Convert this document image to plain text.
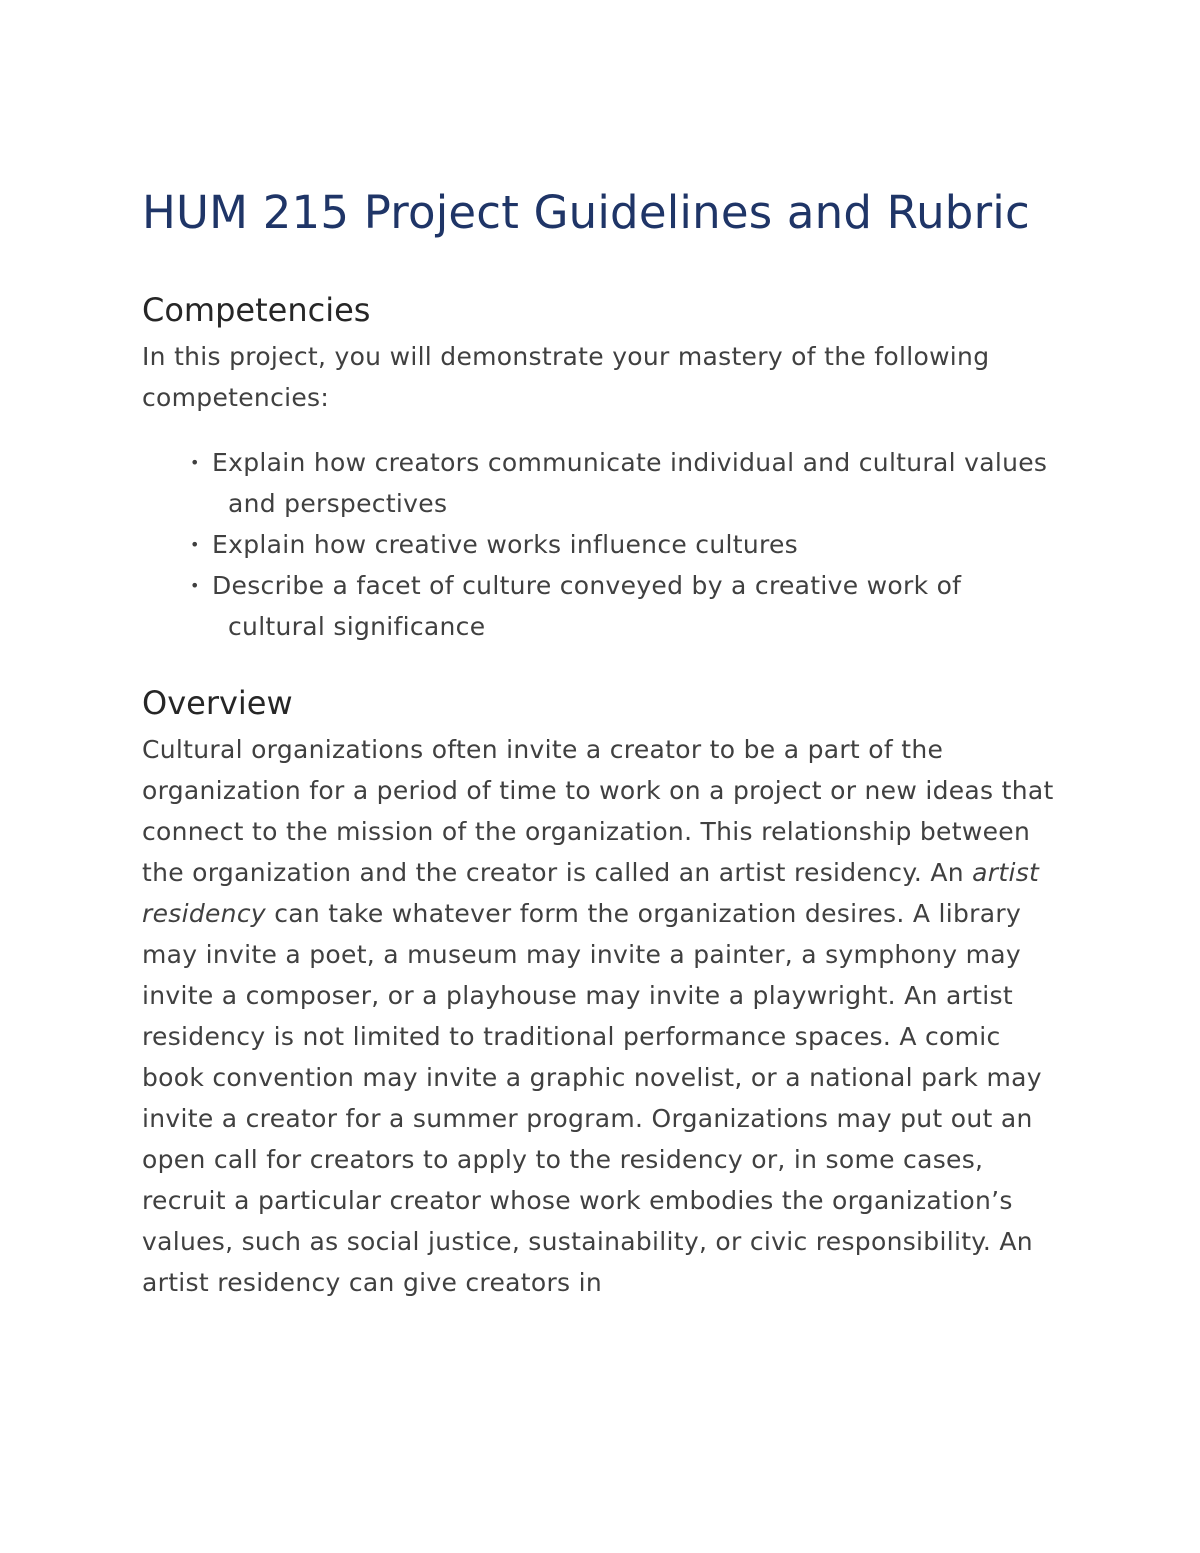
HUM 215 Project Guidelines and Rubric
Competencies

In this project, you will demonstrate your mastery of the following competencies:

• Explain how creators communicate individual and cultural values and perspectives
• Explain how creative works influence cultures
• Describe a facet of culture conveyed by a creative work of cultural significance
Overview

Cultural organizations often invite a creator to be a part of the organization for a period of time to work on a project or new ideas that connect to the mission of the organization. This relationship between the organization and the creator is called an artist residency. An artist residency can take whatever form the organization desires. A library may invite a poet, a museum may invite a painter, a symphony may invite a composer, or a playhouse may invite a playwright. An artist residency is not limited to traditional performance spaces. A comic book convention may invite a graphic novelist, or a national park may invite a creator for a summer program. Organizations may put out an open call for creators to apply to the residency or, in some cases, recruit a particular creator whose work embodies the organization’s values, such as social justice, sustainability, or civic responsibility. An artist residency can give creators in
